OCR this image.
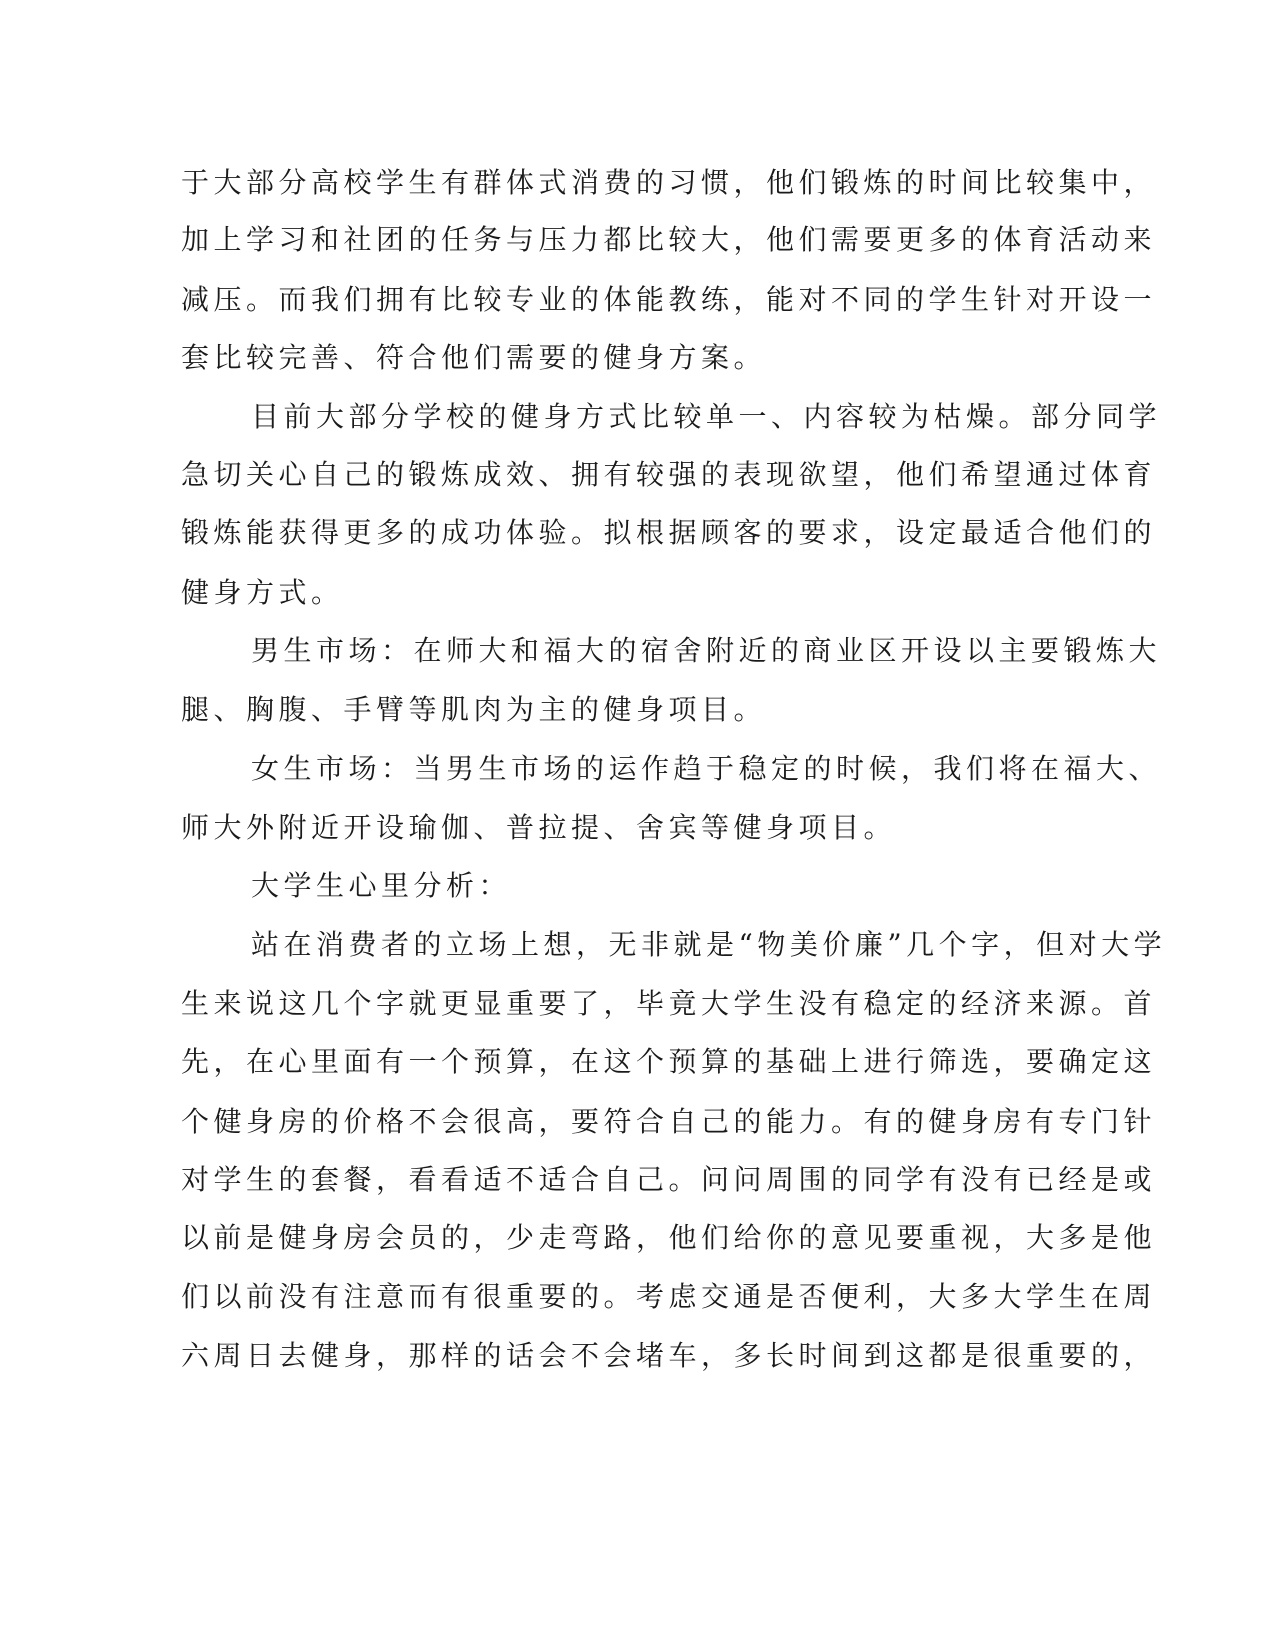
于大部分高校学生有群体式消费的习惯，他们锻炼的时间比较集中，

加上学习和社团的任务与压力都比较大，他们需要更多的体育活动来

减压。而我们拥有比较专业的体能教练，能对不同的学生针对开设一

套比较完善、符合他们需要的健身方案。

目前大部分学校的健身方式比较单一、内容较为枯燥。部分同学

急切关心自己的锻炼成效、拥有较强的表现欲望，他们希望通过体育

锻炼能获得更多的成功体验。拟根据顾客的要求，设定最适合他们的

健身方式。

男生市场：在师大和福大的宿舍附近的商业区开设以主要锻炼大

腿、胸腹、手臂等肌肉为主的健身项目。

女生市场：当男生市场的运作趋于稳定的时候，我们将在福大、

师大外附近开设瑜伽、普拉提、舍宾等健身项目。

大学生心里分析：

站在消费者的立场上想，无非就是“物美价廉”几个字，但对大学

生来说这几个字就更显重要了，毕竟大学生没有稳定的经济来源。首

先，在心里面有一个预算，在这个预算的基础上进行筛选，要确定这

个健身房的价格不会很高，要符合自己的能力。有的健身房有专门针

对学生的套餐，看看适不适合自己。问问周围的同学有没有已经是或

以前是健身房会员的，少走弯路，他们给你的意见要重视，大多是他

们以前没有注意而有很重要的。考虑交通是否便利，大多大学生在周

六周日去健身，那样的话会不会堵车，多长时间到这都是很重要的，
